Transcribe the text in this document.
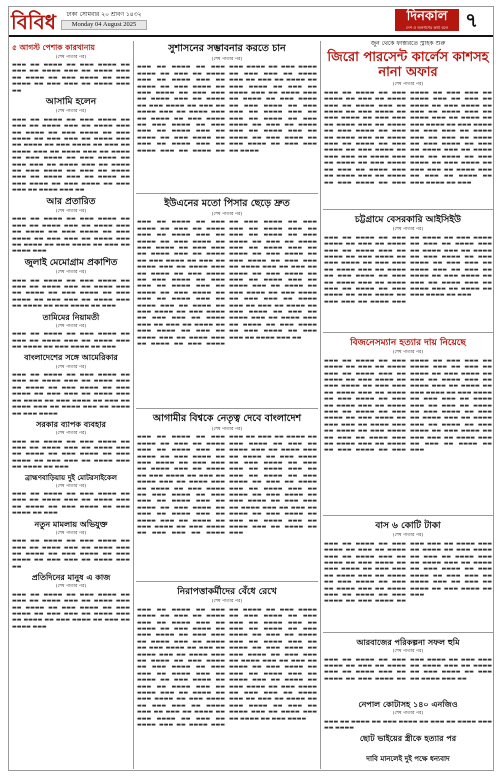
বিবিধ	ঢাকা সোমবার ২০ শ্রাবণ ১৪৩২
Monday 04 August 2025
দিনকাল
দেশ ও জনগণের কথা বলে ৭
৫ আগস্ট পেশাক কারখানায়
(শেষ পাতার পর)

▬▬▬ ▬▬ ▬▬▬▬ ▬▬ ▬▬▬ ▬▬▬▬ ▬▬ ▬▬▬ ▬▬ ▬▬▬▬ ▬▬▬ ▬▬ ▬▬▬▬ ▬▬▬ ▬▬ ▬▬▬▬ ▬▬ ▬▬▬ ▬▬▬▬ ▬▬ ▬▬▬ ▬▬▬▬ ▬▬ ▬▬▬ ▬▬▬ ▬▬ ▬▬▬▬ ▬▬▬ ▬▬

আসামি হলেন
(শেষ পাতার পর)

▬▬▬ ▬▬ ▬▬▬▬ ▬▬ ▬▬▬ ▬▬▬▬ ▬▬ ▬▬▬ ▬▬ ▬▬▬▬ ▬▬▬ ▬▬ ▬▬▬▬ ▬▬▬ ▬▬ ▬▬▬▬ ▬▬ ▬▬▬ ▬▬▬▬ ▬▬ ▬▬▬ ▬▬▬▬ ▬▬ ▬▬▬ ▬▬▬ ▬▬ ▬▬▬▬ ▬▬▬ ▬▬ ▬▬▬▬ ▬▬ ▬▬▬ ▬▬▬▬ ▬▬ ▬▬▬ ▬▬ ▬▬▬▬ ▬▬▬ ▬▬ ▬▬▬▬ ▬▬▬ ▬▬ ▬▬▬▬ ▬▬ ▬▬▬ ▬▬▬▬ ▬▬ ▬▬▬ ▬▬▬▬ ▬▬ ▬▬▬ ▬▬▬ ▬▬ ▬▬▬▬ ▬▬▬ ▬▬ ▬▬▬▬ ▬▬ ▬▬▬ ▬▬▬▬ ▬▬ ▬▬▬ ▬▬ ▬▬▬▬ ▬▬▬ ▬▬ ▬▬▬▬ ▬▬▬ ▬▬ ▬▬▬▬ ▬▬ ▬▬▬ ▬▬▬▬ ▬▬ ▬▬▬ ▬▬▬▬ ▬▬ ▬▬▬ ▬▬▬ ▬▬ ▬▬▬▬ ▬▬▬ ▬▬

আর প্রতারিত
(শেষ পাতার পর)

▬▬▬ ▬▬ ▬▬▬▬ ▬▬ ▬▬▬ ▬▬▬▬ ▬▬ ▬▬▬ ▬▬ ▬▬▬▬ ▬▬▬ ▬▬ ▬▬▬▬ ▬▬▬ ▬▬ ▬▬▬▬ ▬▬ ▬▬▬ ▬▬▬▬ ▬▬ ▬▬▬ ▬▬▬▬ ▬▬ ▬▬▬ ▬▬▬ ▬▬ ▬▬▬▬ ▬▬▬ ▬▬ ▬▬▬▬ ▬▬ ▬▬▬ ▬▬▬▬ ▬▬ ▬▬▬ ▬▬ ▬▬▬▬ ▬▬▬

জুলাই মেমোগ্রাম প্রকাশিত
(শেষ পাতার পর)

▬▬▬ ▬▬ ▬▬▬▬ ▬▬ ▬▬▬ ▬▬▬▬ ▬▬ ▬▬▬ ▬▬ ▬▬▬▬ ▬▬▬ ▬▬ ▬▬▬▬ ▬▬▬ ▬▬ ▬▬▬▬ ▬▬ ▬▬▬ ▬▬▬▬ ▬▬ ▬▬▬ ▬▬▬▬ ▬▬ ▬▬▬ ▬▬▬ ▬▬ ▬▬▬▬ ▬▬▬ ▬▬ ▬▬▬▬ ▬▬ ▬▬▬ ▬▬▬▬ ▬▬ ▬▬▬

তামিমের নিয়ামতী
(শেষ পাতার পর)

▬▬▬ ▬▬ ▬▬▬▬ ▬▬ ▬▬▬ ▬▬▬▬ ▬▬ ▬▬▬ ▬▬ ▬▬▬▬ ▬▬▬ ▬▬ ▬▬▬▬ ▬▬▬ ▬▬ ▬▬▬▬ ▬▬ ▬▬▬ ▬▬▬▬ ▬▬ ▬▬▬

বাংলাদেশের সঙ্গে আমেরিকার
(শেষ পাতার পর)

▬▬▬ ▬▬ ▬▬▬▬ ▬▬ ▬▬▬ ▬▬▬▬ ▬▬ ▬▬▬ ▬▬ ▬▬▬▬ ▬▬▬ ▬▬ ▬▬▬▬ ▬▬▬ ▬▬ ▬▬▬▬ ▬▬ ▬▬▬ ▬▬▬▬ ▬▬ ▬▬▬ ▬▬▬▬ ▬▬ ▬▬▬ ▬▬▬ ▬▬ ▬▬▬▬ ▬▬▬ ▬▬ ▬▬▬▬ ▬▬ ▬▬▬ ▬▬▬▬ ▬▬ ▬▬▬ ▬▬ ▬▬▬▬ ▬▬▬ ▬▬ ▬▬▬▬ ▬▬▬ ▬▬ ▬▬▬▬ ▬▬ ▬▬▬ ▬▬▬▬

সরকার ব্যাপক ব্যবহার
(শেষ পাতার পর)

▬▬▬ ▬▬ ▬▬▬▬ ▬▬ ▬▬▬ ▬▬▬▬ ▬▬ ▬▬▬ ▬▬ ▬▬▬▬ ▬▬▬ ▬▬ ▬▬▬▬ ▬▬▬ ▬▬ ▬▬▬▬ ▬▬ ▬▬▬ ▬▬▬▬ ▬▬ ▬▬▬ ▬▬▬▬ ▬▬ ▬▬▬ ▬▬▬ ▬▬ ▬▬▬▬ ▬▬▬ ▬▬ ▬▬▬▬ ▬▬ ▬▬▬

ব্রাহ্মণবাড়িয়ায় দুই মোটরসাইকেল
(শেষ পাতার পর)

▬▬▬ ▬▬ ▬▬▬▬ ▬▬ ▬▬▬ ▬▬▬▬ ▬▬ ▬▬▬ ▬▬ ▬▬▬▬ ▬▬▬ ▬▬ ▬▬▬▬ ▬▬▬ ▬▬ ▬▬▬▬ ▬▬ ▬▬▬ ▬▬▬▬ ▬▬ ▬▬▬ ▬▬▬▬ ▬▬ ▬▬▬

নতুন মামলায় অভিযুক্ত
(শেষ পাতার পর)

▬▬▬ ▬▬ ▬▬▬▬ ▬▬ ▬▬▬ ▬▬▬▬ ▬▬ ▬▬▬ ▬▬ ▬▬▬▬ ▬▬▬ ▬▬ ▬▬▬▬ ▬▬▬ ▬▬ ▬▬▬▬ ▬▬ ▬▬▬ ▬▬▬▬ ▬▬ ▬▬▬ ▬▬▬▬ ▬▬ ▬▬▬ ▬▬▬ ▬▬ ▬▬▬▬ ▬▬▬ ▬▬

প্রতিদিনের মানুষ এ কাজ
(শেষ পাতার পর)

▬▬▬ ▬▬ ▬▬▬▬ ▬▬ ▬▬▬ ▬▬▬▬ ▬▬ ▬▬▬ ▬▬ ▬▬▬▬ ▬▬▬ ▬▬ ▬▬▬▬ ▬▬▬ ▬▬ ▬▬▬▬ ▬▬ ▬▬▬ ▬▬▬▬ ▬▬ ▬▬▬ ▬▬▬▬ ▬▬ ▬▬▬ ▬▬▬ ▬▬ ▬▬▬▬ ▬▬▬ ▬▬ ▬▬▬▬ ▬▬ ▬▬▬ ▬▬▬▬ ▬▬ ▬▬▬ ▬▬ ▬▬▬▬ ▬▬▬

সুশাসনের সম্ভাবনার করতে চান
(শেষ পাতার পর)

▬▬▬ ▬▬ ▬▬▬▬ ▬▬ ▬▬▬ ▬▬▬▬ ▬▬ ▬▬▬ ▬▬ ▬▬▬▬ ▬▬▬ ▬▬ ▬▬▬▬ ▬▬▬ ▬▬ ▬▬▬▬ ▬▬ ▬▬▬ ▬▬▬▬ ▬▬ ▬▬▬ ▬▬▬▬ ▬▬ ▬▬▬ ▬▬▬ ▬▬ ▬▬▬▬ ▬▬▬ ▬▬ ▬▬▬▬ ▬▬ ▬▬▬ ▬▬▬▬ ▬▬ ▬▬▬ ▬▬ ▬▬▬▬ ▬▬▬ ▬▬ ▬▬▬▬ ▬▬▬ ▬▬ ▬▬▬▬ ▬▬ ▬▬▬ ▬▬▬▬ ▬▬ ▬▬▬ ▬▬▬▬ ▬▬ ▬▬▬ ▬▬▬ ▬▬ ▬▬▬▬ ▬▬▬ ▬▬ ▬▬▬▬ ▬▬ ▬▬▬ ▬▬▬▬ ▬▬ ▬▬▬ ▬▬ ▬▬▬▬ ▬▬▬ ▬▬ ▬▬▬▬ ▬▬▬ ▬▬ ▬▬▬▬ ▬▬ ▬▬▬ ▬▬▬▬ ▬▬ ▬▬▬ ▬▬▬▬ ▬▬ ▬▬▬ ▬▬▬ ▬▬ ▬▬▬▬ ▬▬▬ ▬▬ ▬▬▬ ▬▬ ▬▬▬▬ ▬▬ ▬▬▬ ▬▬▬▬ ▬▬ ▬▬▬ ▬▬ ▬▬▬▬ ▬▬▬ ▬▬ ▬▬▬▬ ▬▬▬ ▬▬ ▬▬▬▬ ▬▬ ▬▬▬ ▬▬▬▬ ▬▬ ▬▬▬ ▬▬▬▬ ▬▬ ▬▬▬ ▬▬▬ ▬▬ ▬▬▬▬ ▬▬▬ ▬▬ ▬▬▬ ▬▬ ▬▬▬▬ ▬▬ ▬▬▬ ▬▬▬▬ ▬▬ ▬▬▬ ▬▬ ▬▬▬▬ ▬▬▬ ▬▬ ▬▬▬▬ ▬▬▬ ▬▬ ▬▬▬▬ ▬▬ ▬▬▬ ▬▬▬▬ ▬▬ ▬▬▬ ▬▬▬▬ ▬▬ ▬▬▬ ▬▬▬ ▬▬ ▬▬▬▬

ইউএনের মতো পিসার ছেড়ে দ্রুত
(শেষ পাতার পর)

▬▬▬ ▬▬ ▬▬▬▬ ▬▬ ▬▬▬ ▬▬▬▬ ▬▬ ▬▬▬ ▬▬ ▬▬▬▬ ▬▬▬ ▬▬ ▬▬▬▬ ▬▬▬ ▬▬ ▬▬▬▬ ▬▬ ▬▬▬ ▬▬▬▬ ▬▬ ▬▬▬ ▬▬▬▬ ▬▬ ▬▬▬ ▬▬▬ ▬▬ ▬▬▬▬ ▬▬▬ ▬▬ ▬▬▬▬ ▬▬ ▬▬▬ ▬▬▬▬ ▬▬ ▬▬▬ ▬▬ ▬▬▬▬ ▬▬▬ ▬▬ ▬▬▬▬ ▬▬▬ ▬▬ ▬▬▬▬ ▬▬ ▬▬▬ ▬▬▬▬ ▬▬ ▬▬▬ ▬▬▬▬ ▬▬ ▬▬▬ ▬▬▬ ▬▬ ▬▬▬▬ ▬▬▬ ▬▬ ▬▬▬▬ ▬▬ ▬▬▬ ▬▬▬▬ ▬▬ ▬▬▬ ▬▬ ▬▬▬▬ ▬▬▬ ▬▬ ▬▬▬▬ ▬▬▬ ▬▬ ▬▬▬▬ ▬▬ ▬▬▬ ▬▬▬▬ ▬▬ ▬▬▬ ▬▬▬▬ ▬▬ ▬▬▬ ▬▬▬ ▬▬ ▬▬▬▬ ▬▬▬ ▬▬ ▬▬▬ ▬▬ ▬▬▬▬ ▬▬ ▬▬▬ ▬▬▬▬ ▬▬ ▬▬▬ ▬▬ ▬▬▬▬ ▬▬▬ ▬▬ ▬▬▬▬ ▬▬▬ ▬▬ ▬▬▬▬ ▬▬ ▬▬▬ ▬▬▬▬ ▬▬ ▬▬▬ ▬▬▬▬ ▬▬ ▬▬▬ ▬▬▬ ▬▬ ▬▬▬▬ ▬▬▬ ▬▬ ▬▬▬ ▬▬ ▬▬▬▬ ▬▬ ▬▬▬ ▬▬▬▬ ▬▬ ▬▬▬ ▬▬ ▬▬▬▬ ▬▬▬ ▬▬ ▬▬▬▬ ▬▬▬ ▬▬ ▬▬▬▬ ▬▬ ▬▬▬ ▬▬▬▬ ▬▬ ▬▬▬ ▬▬▬▬ ▬▬ ▬▬▬ ▬▬▬ ▬▬ ▬▬▬▬ ▬▬▬ ▬▬ ▬▬▬ ▬▬ ▬▬▬▬ ▬▬ ▬▬▬ ▬▬▬▬ ▬▬ ▬▬▬ ▬▬ ▬▬▬▬ ▬▬▬ ▬▬ ▬▬▬▬ ▬▬▬ ▬▬ ▬▬▬▬ ▬▬ ▬▬▬ ▬▬▬▬ ▬▬ ▬▬▬ ▬▬▬▬ ▬▬ ▬▬▬ ▬▬▬ ▬▬ ▬▬▬▬ ▬▬▬ ▬▬ ▬▬▬ ▬▬ ▬▬▬▬ ▬▬ ▬▬▬ ▬▬▬▬ ▬▬ ▬▬▬ ▬▬ ▬▬▬▬ ▬▬▬ ▬▬ ▬▬▬▬ ▬▬▬ ▬▬ ▬▬▬▬ ▬▬ ▬▬▬ ▬▬▬▬ ▬▬ ▬▬▬ ▬▬▬▬ ▬▬ ▬▬▬ ▬▬▬ ▬▬ ▬▬▬▬ ▬▬▬ ▬▬

আগামীর বিশ্বকে নেতৃত্ব দেবে বাংলাদেশ
(শেষ পাতার পর)

▬▬▬ ▬▬ ▬▬▬▬ ▬▬ ▬▬▬ ▬▬▬▬ ▬▬ ▬▬▬ ▬▬ ▬▬▬▬ ▬▬▬ ▬▬ ▬▬▬▬ ▬▬▬ ▬▬ ▬▬▬▬ ▬▬ ▬▬▬ ▬▬▬▬ ▬▬ ▬▬▬ ▬▬▬▬ ▬▬ ▬▬▬ ▬▬▬ ▬▬ ▬▬▬▬ ▬▬▬ ▬▬ ▬▬▬▬ ▬▬ ▬▬▬ ▬▬▬▬ ▬▬ ▬▬▬ ▬▬ ▬▬▬▬ ▬▬▬ ▬▬ ▬▬▬▬ ▬▬▬ ▬▬ ▬▬▬▬ ▬▬ ▬▬▬ ▬▬▬▬ ▬▬ ▬▬▬ ▬▬▬▬ ▬▬ ▬▬▬ ▬▬▬ ▬▬ ▬▬▬▬ ▬▬▬ ▬▬ ▬▬▬▬ ▬▬ ▬▬▬ ▬▬▬▬ ▬▬ ▬▬▬ ▬▬ ▬▬▬▬ ▬▬▬ ▬▬ ▬▬▬▬ ▬▬▬ ▬▬ ▬▬▬▬ ▬▬ ▬▬▬ ▬▬▬▬ ▬▬ ▬▬▬ ▬▬▬▬ ▬▬ ▬▬▬ ▬▬▬ ▬▬ ▬▬▬▬ ▬▬▬ ▬▬ ▬▬▬ ▬▬ ▬▬▬▬ ▬▬ ▬▬▬ ▬▬▬▬ ▬▬ ▬▬▬ ▬▬ ▬▬▬▬ ▬▬▬ ▬▬ ▬▬▬▬ ▬▬▬ ▬▬ ▬▬▬▬ ▬▬ ▬▬▬ ▬▬▬▬ ▬▬ ▬▬▬ ▬▬▬▬ ▬▬ ▬▬▬ ▬▬▬ ▬▬ ▬▬▬▬ ▬▬▬ ▬▬ ▬▬▬ ▬▬ ▬▬▬▬ ▬▬ ▬▬▬ ▬▬▬▬ ▬▬ ▬▬▬ ▬▬ ▬▬▬▬ ▬▬▬ ▬▬ ▬▬▬▬ ▬▬▬ ▬▬ ▬▬▬▬ ▬▬ ▬▬▬ ▬▬▬▬ ▬▬ ▬▬▬ ▬▬▬▬ ▬▬ ▬▬▬ ▬▬▬ ▬▬ ▬▬▬▬ ▬▬▬ ▬▬ ▬▬▬ ▬▬ ▬▬▬▬ ▬▬ ▬▬▬ ▬▬▬▬ ▬▬ ▬▬▬ ▬▬ ▬▬▬▬ ▬▬▬ ▬▬ ▬▬▬▬ ▬▬▬ ▬▬ ▬▬▬▬ ▬▬ ▬▬▬

নিরাপত্তাকর্মীদের বেঁধে রেখে
(শেষ পাতার পর)

▬▬▬ ▬▬ ▬▬▬▬ ▬▬ ▬▬▬ ▬▬▬▬ ▬▬ ▬▬▬ ▬▬ ▬▬▬▬ ▬▬▬ ▬▬ ▬▬▬▬ ▬▬▬ ▬▬ ▬▬▬▬ ▬▬ ▬▬▬ ▬▬▬▬ ▬▬ ▬▬▬ ▬▬▬▬ ▬▬ ▬▬▬ ▬▬▬ ▬▬ ▬▬▬▬ ▬▬▬ ▬▬ ▬▬▬▬ ▬▬ ▬▬▬ ▬▬▬▬ ▬▬ ▬▬▬ ▬▬ ▬▬▬▬ ▬▬▬ ▬▬ ▬▬▬▬ ▬▬▬ ▬▬ ▬▬▬▬ ▬▬ ▬▬▬ ▬▬▬▬ ▬▬ ▬▬▬ ▬▬▬▬ ▬▬ ▬▬▬ ▬▬▬ ▬▬ ▬▬▬▬ ▬▬▬ ▬▬ ▬▬▬▬ ▬▬ ▬▬▬ ▬▬▬▬ ▬▬ ▬▬▬ ▬▬ ▬▬▬▬ ▬▬▬ ▬▬ ▬▬▬▬ ▬▬▬ ▬▬ ▬▬▬▬ ▬▬ ▬▬▬ ▬▬▬▬ ▬▬ ▬▬▬ ▬▬▬▬ ▬▬ ▬▬▬ ▬▬▬ ▬▬ ▬▬▬▬ ▬▬▬ ▬▬ ▬▬▬ ▬▬ ▬▬▬▬ ▬▬ ▬▬▬ ▬▬▬▬ ▬▬ ▬▬▬ ▬▬ ▬▬▬▬ ▬▬▬ ▬▬ ▬▬▬▬ ▬▬▬ ▬▬ ▬▬▬▬ ▬▬ ▬▬▬ ▬▬▬▬ ▬▬ ▬▬▬ ▬▬▬▬ ▬▬ ▬▬▬ ▬▬▬ ▬▬ ▬▬▬▬ ▬▬▬ ▬▬ ▬▬▬ ▬▬ ▬▬▬▬ ▬▬ ▬▬▬ ▬▬▬▬ ▬▬ ▬▬▬ ▬▬ ▬▬▬▬ ▬▬▬ ▬▬ ▬▬▬▬ ▬▬▬ ▬▬ ▬▬▬▬ ▬▬ ▬▬▬ ▬▬▬▬ ▬▬ ▬▬▬ ▬▬▬▬ ▬▬ ▬▬▬ ▬▬▬ ▬▬ ▬▬▬▬ ▬▬▬ ▬▬ ▬▬▬ ▬▬ ▬▬▬▬ ▬▬ ▬▬▬ ▬▬▬▬ ▬▬ ▬▬▬ ▬▬ ▬▬▬▬ ▬▬▬ ▬▬ ▬▬▬▬ ▬▬▬ ▬▬ ▬▬▬▬ ▬▬ ▬▬▬ ▬▬▬▬ ▬▬ ▬▬▬ ▬▬▬▬ ▬▬ ▬▬▬ ▬▬▬ ▬▬ ▬▬▬▬ ▬▬▬ ▬▬ ▬▬▬ ▬▬ ▬▬▬▬ ▬▬ ▬▬▬ ▬▬▬▬ ▬▬ ▬▬▬ ▬▬ ▬▬▬▬ ▬▬▬ ▬▬ ▬▬▬▬ ▬▬▬ ▬▬ ▬▬▬▬ ▬▬ ▬▬▬ ▬▬▬▬

জুন থেকে ফাক্টরিতে স্ট্রাইক শুরু
জিরো পারসেন্ট কার্লেস কাশসহ নানা অফার
(শেষ পাতার পর)

▬▬▬ ▬▬ ▬▬▬▬ ▬▬ ▬▬▬ ▬▬▬▬ ▬▬ ▬▬▬ ▬▬ ▬▬▬▬ ▬▬▬ ▬▬ ▬▬▬▬ ▬▬▬ ▬▬ ▬▬▬▬ ▬▬ ▬▬▬ ▬▬▬▬ ▬▬ ▬▬▬ ▬▬▬▬ ▬▬ ▬▬▬ ▬▬▬ ▬▬ ▬▬▬▬ ▬▬▬ ▬▬ ▬▬▬▬ ▬▬ ▬▬▬ ▬▬▬▬ ▬▬ ▬▬▬ ▬▬ ▬▬▬▬ ▬▬▬ ▬▬ ▬▬▬▬ ▬▬▬ ▬▬ ▬▬▬▬ ▬▬ ▬▬▬ ▬▬▬▬ ▬▬ ▬▬▬ ▬▬▬▬ ▬▬ ▬▬▬ ▬▬▬ ▬▬ ▬▬▬▬ ▬▬▬ ▬▬ ▬▬▬▬ ▬▬ ▬▬▬ ▬▬▬▬ ▬▬ ▬▬▬ ▬▬ ▬▬▬▬ ▬▬▬ ▬▬ ▬▬▬▬ ▬▬▬ ▬▬ ▬▬▬▬ ▬▬ ▬▬▬ ▬▬▬▬ ▬▬ ▬▬▬ ▬▬▬▬ ▬▬ ▬▬▬ ▬▬▬ ▬▬ ▬▬▬▬ ▬▬▬ ▬▬ ▬▬▬ ▬▬ ▬▬▬▬ ▬▬ ▬▬▬ ▬▬▬▬ ▬▬ ▬▬▬ ▬▬ ▬▬▬▬ ▬▬▬ ▬▬ ▬▬▬▬ ▬▬▬ ▬▬ ▬▬▬▬ ▬▬ ▬▬▬ ▬▬▬▬ ▬▬ ▬▬▬ ▬▬▬▬ ▬▬ ▬▬▬ ▬▬▬ ▬▬ ▬▬▬▬ ▬▬▬ ▬▬ ▬▬▬ ▬▬ ▬▬▬▬ ▬▬ ▬▬▬ ▬▬▬▬ ▬▬ ▬▬▬ ▬▬ ▬▬▬▬ ▬▬▬ ▬▬ ▬▬▬▬ ▬▬▬ ▬▬ ▬▬▬▬ ▬▬ ▬▬▬ ▬▬▬▬ ▬▬ ▬▬▬ ▬▬▬▬ ▬▬ ▬▬▬ ▬▬▬ ▬▬ ▬▬▬▬ ▬▬▬ ▬▬ ▬▬▬ ▬▬ ▬▬▬▬ ▬▬ ▬▬▬ ▬▬▬▬ ▬▬ ▬▬▬

চট্টগ্রামে বেসরকারি আইসিইউ
(শেষ পাতার পর)

▬▬▬ ▬▬ ▬▬▬▬ ▬▬ ▬▬▬ ▬▬▬▬ ▬▬ ▬▬▬ ▬▬ ▬▬▬▬ ▬▬▬ ▬▬ ▬▬▬▬ ▬▬▬ ▬▬ ▬▬▬▬ ▬▬ ▬▬▬ ▬▬▬▬ ▬▬ ▬▬▬ ▬▬▬▬ ▬▬ ▬▬▬ ▬▬▬ ▬▬ ▬▬▬▬ ▬▬▬ ▬▬ ▬▬▬▬ ▬▬ ▬▬▬ ▬▬▬▬ ▬▬ ▬▬▬ ▬▬ ▬▬▬▬ ▬▬▬ ▬▬ ▬▬▬▬ ▬▬▬ ▬▬ ▬▬▬▬ ▬▬ ▬▬▬ ▬▬▬▬ ▬▬ ▬▬▬ ▬▬▬▬ ▬▬ ▬▬▬ ▬▬▬ ▬▬ ▬▬▬▬ ▬▬▬ ▬▬ ▬▬▬▬ ▬▬ ▬▬▬ ▬▬▬▬ ▬▬ ▬▬▬ ▬▬ ▬▬▬▬ ▬▬▬ ▬▬ ▬▬▬▬ ▬▬▬ ▬▬ ▬▬▬▬ ▬▬ ▬▬▬ ▬▬▬▬ ▬▬ ▬▬▬ ▬▬▬▬ ▬▬ ▬▬▬ ▬▬▬ ▬▬ ▬▬▬▬ ▬▬▬ ▬▬ ▬▬▬ ▬▬ ▬▬▬▬ ▬▬ ▬▬▬ ▬▬▬▬ ▬▬ ▬▬▬ ▬▬ ▬▬▬▬ ▬▬▬ ▬▬ ▬▬▬▬ ▬▬▬ ▬▬ ▬▬▬▬ ▬▬ ▬▬▬ ▬▬▬▬ ▬▬ ▬▬▬

বিজনেসম্যান হত্যার দায় নিয়েছে
(শেষ পাতার পর)

▬▬▬ ▬▬ ▬▬▬▬ ▬▬ ▬▬▬ ▬▬▬▬ ▬▬ ▬▬▬ ▬▬ ▬▬▬▬ ▬▬▬ ▬▬ ▬▬▬▬ ▬▬▬ ▬▬ ▬▬▬▬ ▬▬ ▬▬▬ ▬▬▬▬ ▬▬ ▬▬▬ ▬▬▬▬ ▬▬ ▬▬▬ ▬▬▬ ▬▬ ▬▬▬▬ ▬▬▬ ▬▬ ▬▬▬▬ ▬▬ ▬▬▬ ▬▬▬▬ ▬▬ ▬▬▬ ▬▬ ▬▬▬▬ ▬▬▬ ▬▬ ▬▬▬▬ ▬▬▬ ▬▬ ▬▬▬▬ ▬▬ ▬▬▬ ▬▬▬▬ ▬▬ ▬▬▬ ▬▬▬▬ ▬▬ ▬▬▬ ▬▬▬ ▬▬ ▬▬▬▬ ▬▬▬ ▬▬ ▬▬▬▬ ▬▬ ▬▬▬ ▬▬▬▬ ▬▬ ▬▬▬ ▬▬ ▬▬▬▬ ▬▬▬ ▬▬ ▬▬▬▬ ▬▬▬ ▬▬ ▬▬▬▬ ▬▬ ▬▬▬ ▬▬▬▬ ▬▬ ▬▬▬ ▬▬▬▬ ▬▬ ▬▬▬ ▬▬▬ ▬▬ ▬▬▬▬ ▬▬▬ ▬▬ ▬▬▬ ▬▬ ▬▬▬▬ ▬▬ ▬▬▬ ▬▬▬▬ ▬▬ ▬▬▬ ▬▬ ▬▬▬▬ ▬▬▬ ▬▬ ▬▬▬▬ ▬▬▬ ▬▬ ▬▬▬▬ ▬▬ ▬▬▬ ▬▬▬▬ ▬▬ ▬▬▬ ▬▬▬▬ ▬▬ ▬▬▬ ▬▬▬ ▬▬ ▬▬▬▬ ▬▬▬ ▬▬ ▬▬▬ ▬▬ ▬▬▬▬ ▬▬ ▬▬▬ ▬▬▬▬ ▬▬ ▬▬▬ ▬▬ ▬▬▬▬ ▬▬▬ ▬▬ ▬▬▬▬ ▬▬▬ ▬▬ ▬▬▬▬ ▬▬ ▬▬▬ ▬▬▬▬ ▬▬ ▬▬▬ ▬▬▬▬ ▬▬ ▬▬▬ ▬▬▬ ▬▬ ▬▬▬▬ ▬▬▬ ▬▬ ▬▬▬ ▬▬ ▬▬▬▬ ▬▬ ▬▬▬

বাস ৬ কোটি টাকা
(শেষ পাতার পর)

▬▬▬ ▬▬ ▬▬▬▬ ▬▬ ▬▬▬ ▬▬▬▬ ▬▬ ▬▬▬ ▬▬ ▬▬▬▬ ▬▬▬ ▬▬ ▬▬▬▬ ▬▬▬ ▬▬ ▬▬▬▬ ▬▬ ▬▬▬ ▬▬▬▬ ▬▬ ▬▬▬ ▬▬▬▬ ▬▬ ▬▬▬ ▬▬▬ ▬▬ ▬▬▬▬ ▬▬▬ ▬▬ ▬▬▬▬ ▬▬ ▬▬▬ ▬▬▬▬ ▬▬ ▬▬▬ ▬▬ ▬▬▬▬ ▬▬▬ ▬▬ ▬▬▬▬ ▬▬▬ ▬▬ ▬▬▬▬ ▬▬ ▬▬▬ ▬▬▬▬ ▬▬ ▬▬▬ ▬▬▬▬ ▬▬ ▬▬▬ ▬▬▬ ▬▬ ▬▬▬▬ ▬▬▬ ▬▬ ▬▬▬▬ ▬▬ ▬▬▬ ▬▬▬▬ ▬▬ ▬▬▬ ▬▬ ▬▬▬▬ ▬▬▬ ▬▬ ▬▬▬▬ ▬▬▬ ▬▬ ▬▬▬▬ ▬▬ ▬▬▬ ▬▬▬▬ ▬▬ ▬▬▬ ▬▬▬▬ ▬▬ ▬▬▬ ▬▬▬ ▬▬ ▬▬▬▬ ▬▬▬ ▬▬ ▬▬▬ ▬▬ ▬▬▬▬ ▬▬ ▬▬▬ ▬▬▬▬ ▬▬ ▬▬▬

আরবাজের পরিকল্পনা সফল হুমি
(শেষ পাতার পর)

▬▬▬ ▬▬ ▬▬▬▬ ▬▬ ▬▬▬ ▬▬▬▬ ▬▬ ▬▬▬ ▬▬ ▬▬▬▬ ▬▬▬ ▬▬ ▬▬▬▬ ▬▬▬ ▬▬ ▬▬▬▬ ▬▬ ▬▬▬ ▬▬▬▬ ▬▬ ▬▬▬ ▬▬▬▬ ▬▬ ▬▬▬ ▬▬▬ ▬▬ ▬▬▬▬ ▬▬▬ ▬▬ ▬▬▬▬ ▬▬ ▬▬▬ ▬▬▬▬ ▬▬ ▬▬▬ ▬▬ ▬▬▬▬ ▬▬▬ ▬▬

নেপাল কোটাসহ ১৪০ এনজিও
(শেষ পাতার পর)

▬▬▬ ▬▬ ▬▬▬▬ ▬▬ ▬▬▬ ▬▬▬▬ ▬▬ ▬▬▬ ▬▬ ▬▬▬▬ ▬▬▬ ▬▬ ▬▬▬▬

ছোট ভাইয়ের স্ত্রীকে হত্যার পর
দাবি মানলেই দুই পক্ষে ধন্যবাদ
